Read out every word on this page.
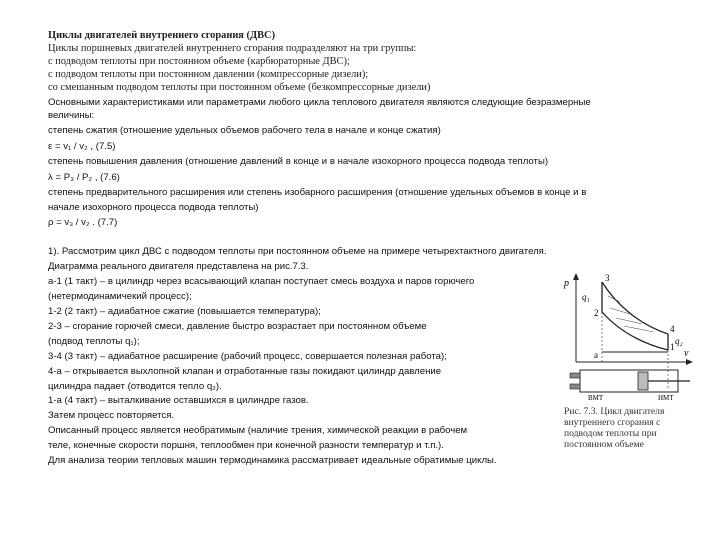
Циклы двигателей внутреннего сгорания (ДВС)
Циклы поршневых двигателей внутреннего сгорания подразделяют на три группы:
с подводом теплоты при постоянном объеме (карбюраторные ДВС);
с подводом теплоты при постоянном давлении (компрессорные дизели);
со смешанным подводом теплоты при постоянном объеме (безкомпрессорные дизели)
Основными характеристиками или параметрами любого цикла теплового двигателя являются следующие безразмерные
величины:
степень сжатия (отношение удельных объемов рабочего тела в начале и конце сжатия)
ε = v₁ / v₂ , (7.5)
степень повышения давления (отношение давлений в конце и в начале изохорного процесса подвода теплоты)
λ = P₃ / P₂ , (7.6)
степень предварительного расширения или степень изобарного расширения (отношение удельных объемов в конце и в
начале изохорного процесса подвода теплоты)
ρ = v₃ / v₂ . (7.7)
1). Рассмотрим цикл ДВС с подводом теплоты при постоянном объеме на примере четырехтактного двигателя.
Диаграмма реального двигателя представлена на рис.7.3.
а-1 (1 такт) – в цилиндр через всасывающий клапан поступает смесь воздуха и паров горючего
(нетермодинамичекий процесс);
1-2 (2 такт) – адиабатное сжатие (повышается температура);
2-3 – сгорание горючей смеси, давление быстро возрастает при постоянном объеме
(подвод теплоты q₁);
3-4 (3 такт) – адиабатное расширение (рабочий процесс, совершается полезная работа);
4-а – открывается выхлопной клапан и отработанные газы покидают цилиндр давление
цилиндра падает (отводится тепло q₂).
1-а (4 такт) – выталкивание оставшихся в цилиндре газов.
Затем процесс повторяется.
Описанный процесс является необратимым (наличие трения, химической реакции в рабочем
теле, конечные скорости поршня, теплообмен при конечной разности температур и т.п.).
Для анализа теории тепловых машин термодинамика рассматривает идеальные обратимые циклы.
p
v
3
2
4
1
a
q₁
q₂
ВМТ	НМТ
Рис. 7.3. Цикл двигателя
внутреннего сгорания с
подводом теплоты при
постоянном объеме
